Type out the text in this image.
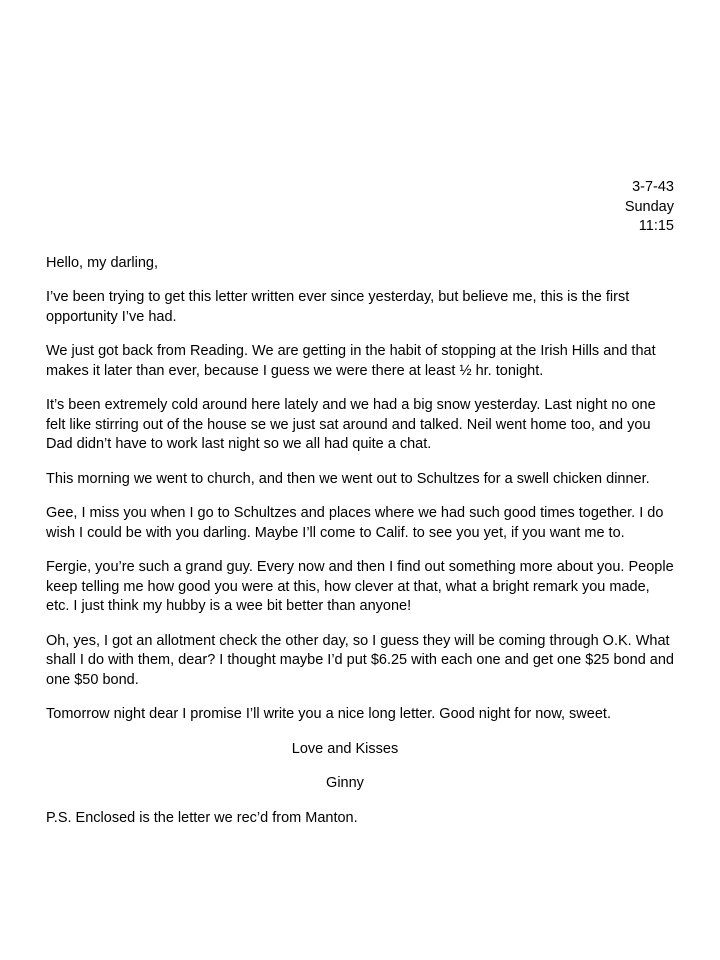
3-7-43
Sunday
11:15

Hello, my darling,

I’ve been trying to get this letter written ever since yesterday, but believe me, this is the first opportunity I’ve had.

We just got back from Reading. We are getting in the habit of stopping at the Irish Hills and that makes it later than ever, because I guess we were there at least ½ hr. tonight.

It’s been extremely cold around here lately and we had a big snow yesterday. Last night no one felt like stirring out of the house se we just sat around and talked. Neil went home too, and you Dad didn’t have to work last night so we all had quite a chat.

This morning we went to church, and then we went out to Schultzes for a swell chicken dinner.

Gee, I miss you when I go to Schultzes and places where we had such good times together. I do wish I could be with you darling. Maybe I’ll come to Calif. to see you yet, if you want me to.

Fergie, you’re such a grand guy. Every now and then I find out something more about you. People keep telling me how good you were at this, how clever at that, what a bright remark you made, etc. I just think my hubby is a wee bit better than anyone!

Oh, yes, I got an allotment check the other day, so I guess they will be coming through O.K. What shall I do with them, dear? I thought maybe I’d put $6.25 with each one and get one $25 bond and one $50 bond.

Tomorrow night dear I promise I’ll write you a nice long letter. Good night for now, sweet.

Love and Kisses

Ginny

P.S. Enclosed is the letter we rec’d from Manton.
